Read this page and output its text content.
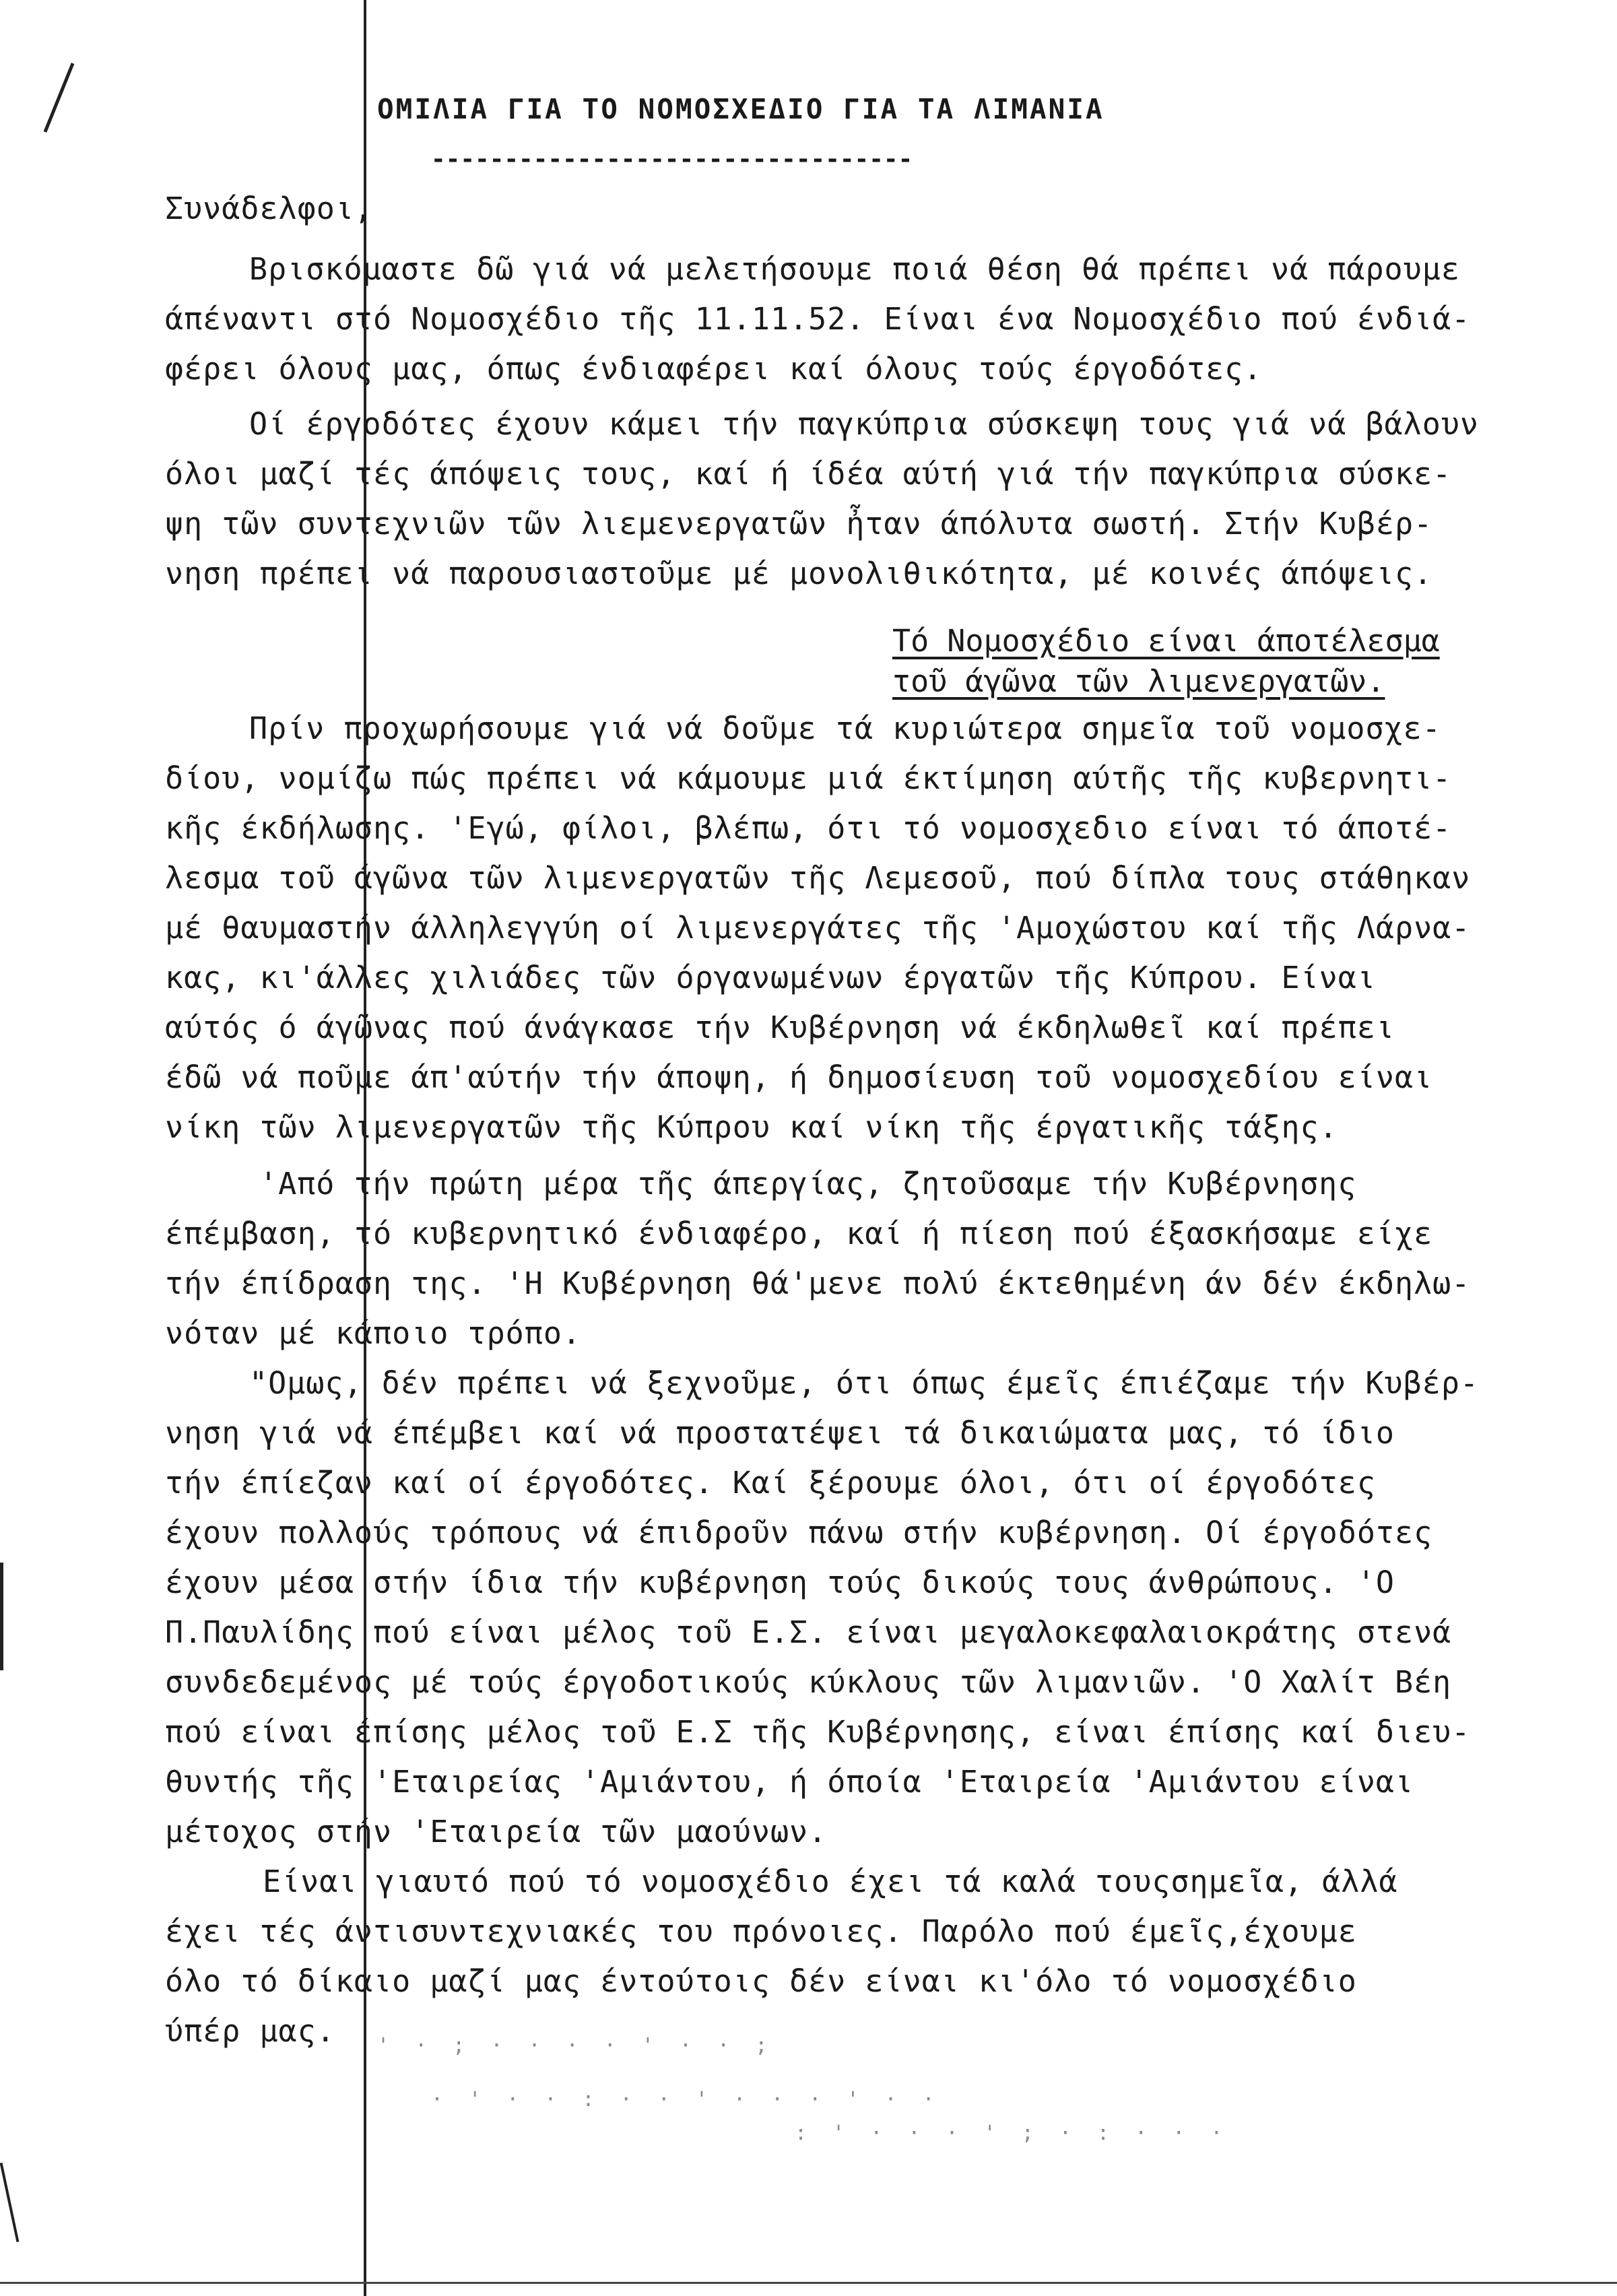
' · ; · · · · ' · · ;
· ' · · : · · ' · · · ' · ·
: ' · · · ' ; · : · · ·
ΟΜΙΛΙΑ ΓΙΑ ΤΟ ΝΟΜΟΣΧΕΔΙΟ ΓΙΑ ΤΑ ΛΙΜΑΝΙΑ
---------------------------------
Συνάδελφοι,
Βρισκόμαστε δῶ γιά νά μελετήσουμε ποιά θέση θά πρέπει νά πάρουμε
άπέναντι στό Νομοσχέδιο τῆς 11.11.52. Είναι ένα Νομοσχέδιο πού ένδιά-
φέρει όλους μας, όπως ένδιαφέρει καί όλους τούς έργοδότες.
Οί έργοδότες έχουν κάμει τήν παγκύπρια σύσκεψη τους γιά νά βάλουν
όλοι μαζί τές άπόψεις τους, καί ή ίδέα αύτή γιά τήν παγκύπρια σύσκε-
ψη τῶν συντεχνιῶν τῶν λιεμενεργατῶν ἦταν άπόλυτα σωστή. Στήν Κυβέρ-
νηση πρέπει νά παρουσιαστοῦμε μέ μονολιθικότητα, μέ κοινές άπόψεις.
Τό Νομοσχέδιο είναι άποτέλεσμα
τοῦ άγῶνα τῶν λιμενεργατῶν.
Πρίν προχωρήσουμε γιά νά δοῦμε τά κυριώτερα σημεῖα τοῦ νομοσχε-
δίου, νομίζω πώς πρέπει νά κάμουμε μιά έκτίμηση αύτῆς τῆς κυβερνητι-
κῆς έκδήλωσης. 'Εγώ, φίλοι, βλέπω, ότι τό νομοσχεδιο είναι τό άποτέ-
λεσμα τοῦ άγῶνα τῶν λιμενεργατῶν τῆς Λεμεσοῦ, πού δίπλα τους στάθηκαν
μέ θαυμαστήν άλληλεγγύη οί λιμενεργάτες τῆς 'Αμοχώστου καί τῆς Λάρνα-
κας, κι'άλλες χιλιάδες τῶν όργανωμένων έργατῶν τῆς Κύπρου. Είναι
αύτός ό άγῶνας πού άνάγκασε τήν Κυβέρνηση νά έκδηλωθεῖ καί πρέπει
έδῶ νά ποῦμε άπ'αύτήν τήν άποψη, ή δημοσίευση τοῦ νομοσχεδίου είναι
νίκη τῶν λιμενεργατῶν τῆς Κύπρου καί νίκη τῆς έργατικῆς τάξης.
'Από τήν πρώτη μέρα τῆς άπεργίας, ζητοῦσαμε τήν Κυβέρνησης
έπέμβαση, τό κυβερνητικό ένδιαφέρο, καί ή πίεση πού έξασκήσαμε είχε
τήν έπίδραση της. 'Η Κυβέρνηση θά'μενε πολύ έκτεθημένη άν δέν έκδηλω-
νόταν μέ κάποιο τρόπο.
"Ομως, δέν πρέπει νά ξεχνοῦμε, ότι όπως έμεῖς έπιέζαμε τήν Κυβέρ-
νηση γιά νά έπέμβει καί νά προστατέψει τά δικαιώματα μας, τό ίδιο
τήν έπίεζαν καί οί έργοδότες. Καί ξέρουμε όλοι, ότι οί έργοδότες
έχουν πολλούς τρόπους νά έπιδροῦν πάνω στήν κυβέρνηση. Οί έργοδότες
έχουν μέσα στήν ίδια τήν κυβέρνηση τούς δικούς τους άνθρώπους. 'Ο
Π.Παυλίδης πού είναι μέλος τοῦ Ε.Σ. είναι μεγαλοκεφαλαιοκράτης στενά
συνδεδεμένος μέ τούς έργοδοτικούς κύκλους τῶν λιμανιῶν. 'Ο Χαλίτ Βέη
πού είναι έπίσης μέλος τοῦ Ε.Σ τῆς Κυβέρνησης, είναι έπίσης καί διευ-
θυντής τῆς 'Εταιρείας 'Αμιάντου, ή όποία 'Εταιρεία 'Αμιάντου είναι
μέτοχος στήν 'Εταιρεία τῶν μαούνων.
Είναι γιαυτό πού τό νομοσχέδιο έχει τά καλά τουςσημεῖα, άλλά
έχει τές άντισυντεχνιακές του πρόνοιες. Παρόλο πού έμεῖς,έχουμε
όλο τό δίκαιο μαζί μας έντούτοις δέν είναι κι'όλο τό νομοσχέδιο
ύπέρ μας.
